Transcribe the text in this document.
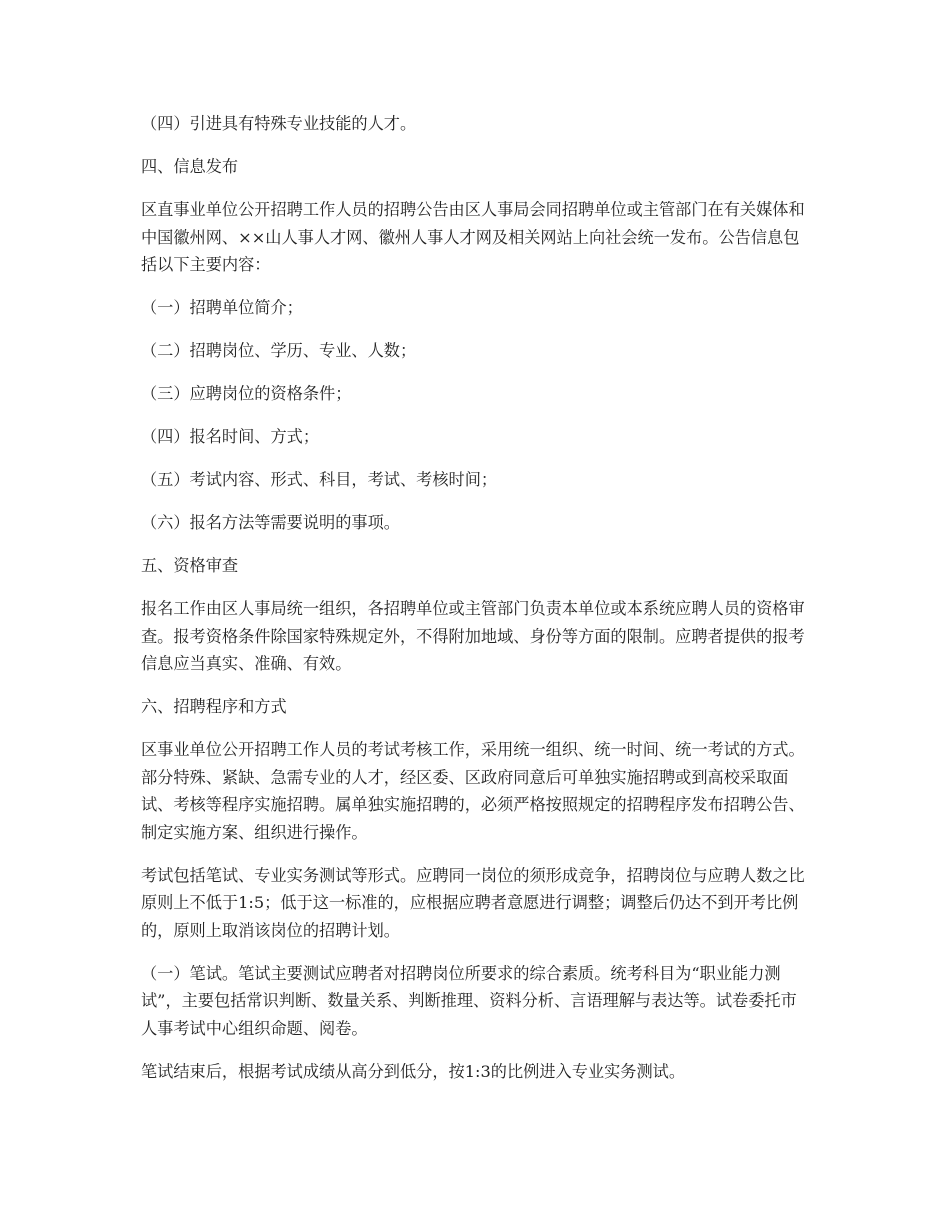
（四）引进具有特殊专业技能的人才。

四、信息发布

区直事业单位公开招聘工作人员的招聘公告由区人事局会同招聘单位或主管部门在有关媒体和中国徽州网、××山人事人才网、徽州人事人才网及相关网站上向社会统一发布。公告信息包括以下主要内容：

（一）招聘单位简介；

（二）招聘岗位、学历、专业、人数；

（三）应聘岗位的资格条件；

（四）报名时间、方式；

（五）考试内容、形式、科目，考试、考核时间；

（六）报名方法等需要说明的事项。

五、资格审查

报名工作由区人事局统一组织，各招聘单位或主管部门负责本单位或本系统应聘人员的资格审查。报考资格条件除国家特殊规定外，不得附加地域、身份等方面的限制。应聘者提供的报考信息应当真实、准确、有效。

六、招聘程序和方式

区事业单位公开招聘工作人员的考试考核工作，采用统一组织、统一时间、统一考试的方式。部分特殊、紧缺、急需专业的人才，经区委、区政府同意后可单独实施招聘或到高校采取面试、考核等程序实施招聘。属单独实施招聘的，必须严格按照规定的招聘程序发布招聘公告、制定实施方案、组织进行操作。

考试包括笔试、专业实务测试等形式。应聘同一岗位的须形成竞争，招聘岗位与应聘人数之比原则上不低于1:5；低于这一标准的，应根据应聘者意愿进行调整；调整后仍达不到开考比例的，原则上取消该岗位的招聘计划。

（一）笔试。笔试主要测试应聘者对招聘岗位所要求的综合素质。统考科目为“职业能力测试”，主要包括常识判断、数量关系、判断推理、资料分析、言语理解与表达等。试卷委托市人事考试中心组织命题、阅卷。

笔试结束后，根据考试成绩从高分到低分，按1:3的比例进入专业实务测试。
